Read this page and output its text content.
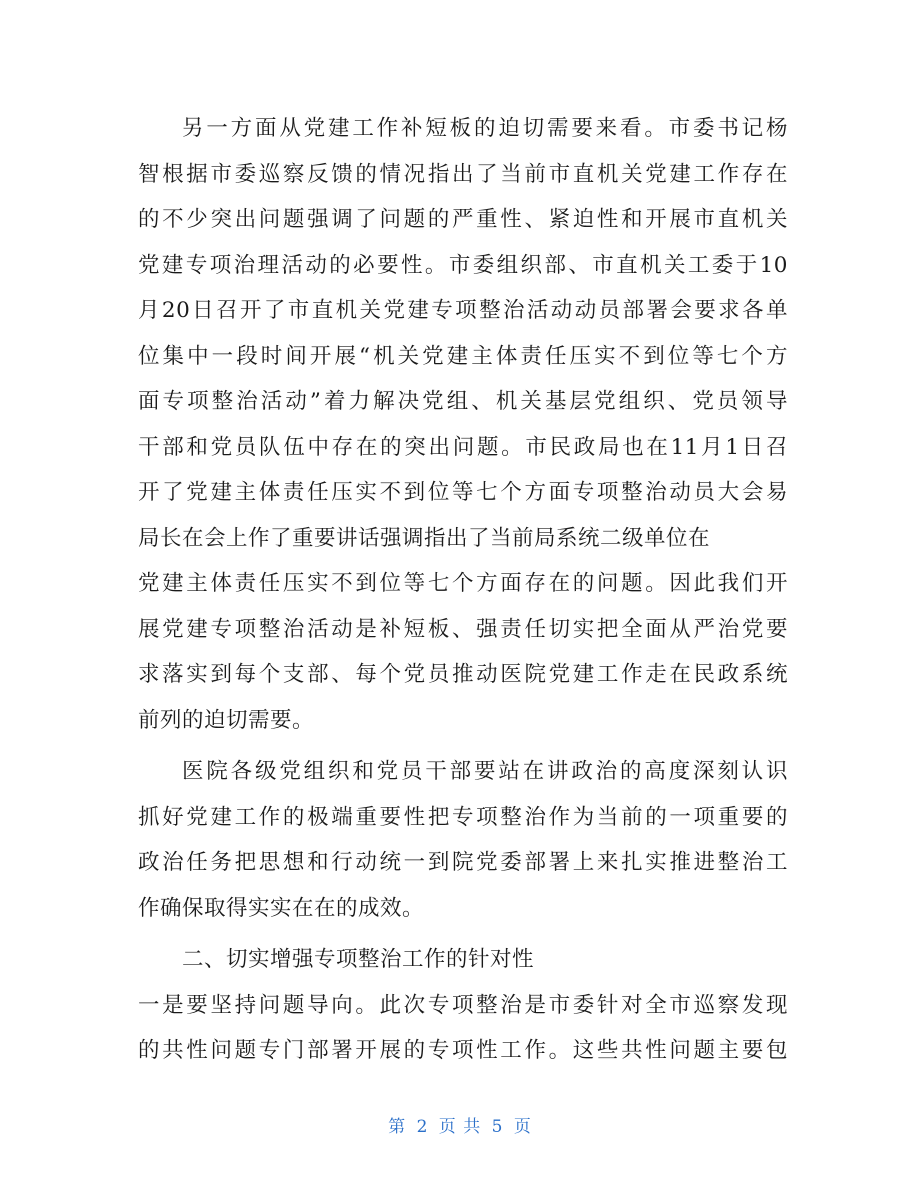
另一方面从党建工作补短板的迫切需要来看。市委书记杨
智根据市委巡察反馈的情况指出了当前市直机关党建工作存在
的不少突出问题强调了问题的严重性、紧迫性和开展市直机关
党建专项治理活动的必要性。市委组织部、市直机关工委于10
月20日召开了市直机关党建专项整治活动动员部署会要求各单
位集中一段时间开展“机关党建主体责任压实不到位等七个方
面专项整治活动”着力解决党组、机关基层党组织、党员领导
干部和党员队伍中存在的突出问题。市民政局也在11月1日召
开了党建主体责任压实不到位等七个方面专项整治动员大会易
局长在会上作了重要讲话强调指出了当前局系统二级单位在
党建主体责任压实不到位等七个方面存在的问题。因此我们开
展党建专项整治活动是补短板、强责任切实把全面从严治党要
求落实到每个支部、每个党员推动医院党建工作走在民政系统
前列的迫切需要。
医院各级党组织和党员干部要站在讲政治的高度深刻认识
抓好党建工作的极端重要性把专项整治作为当前的一项重要的
政治任务把思想和行动统一到院党委部署上来扎实推进整治工
作确保取得实实在在的成效。
二、切实增强专项整治工作的针对性
一是要坚持问题导向。此次专项整治是市委针对全市巡察发现
的共性问题专门部署开展的专项性工作。这些共性问题主要包
第 2 页 共 5 页
